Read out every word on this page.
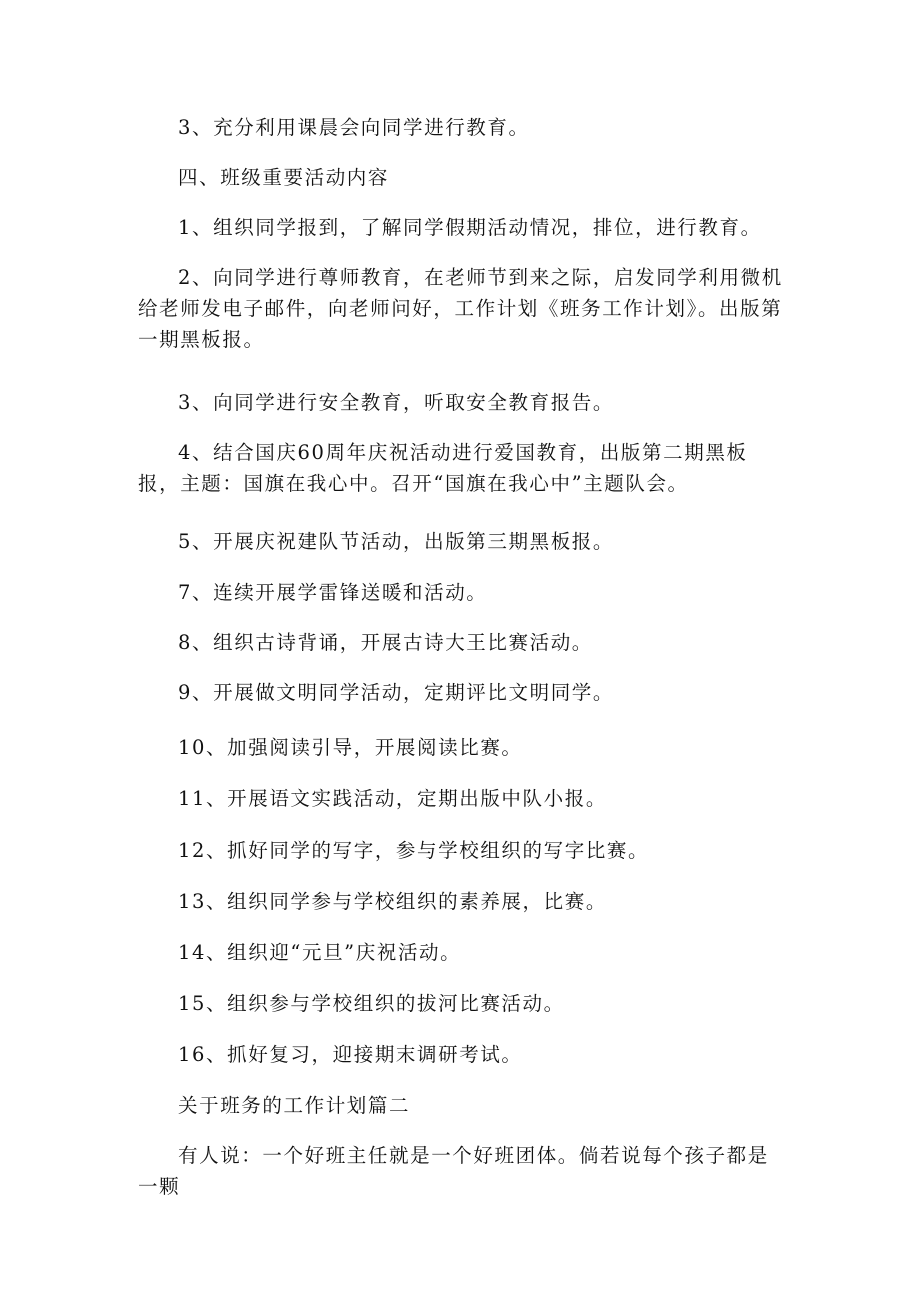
3、充分利用课晨会向同学进行教育。

四、班级重要活动内容

1、组织同学报到，了解同学假期活动情况，排位，进行教育。

2、向同学进行尊师教育，在老师节到来之际，启发同学利用微机给老师发电子邮件，向老师问好，工作计划《班务工作计划》。出版第一期黑板报。

3、向同学进行安全教育，听取安全教育报告。

4、结合国庆60周年庆祝活动进行爱国教育，出版第二期黑板报，主题：国旗在我心中。召开“国旗在我心中”主题队会。

5、开展庆祝建队节活动，出版第三期黑板报。

7、连续开展学雷锋送暖和活动。

8、组织古诗背诵，开展古诗大王比赛活动。

9、开展做文明同学活动，定期评比文明同学。

10、加强阅读引导，开展阅读比赛。

11、开展语文实践活动，定期出版中队小报。

12、抓好同学的写字，参与学校组织的写字比赛。

13、组织同学参与学校组织的素养展，比赛。

14、组织迎“元旦”庆祝活动。

15、组织参与学校组织的拔河比赛活动。

16、抓好复习，迎接期末调研考试。

关于班务的工作计划篇二

有人说：一个好班主任就是一个好班团体。倘若说每个孩子都是一颗
